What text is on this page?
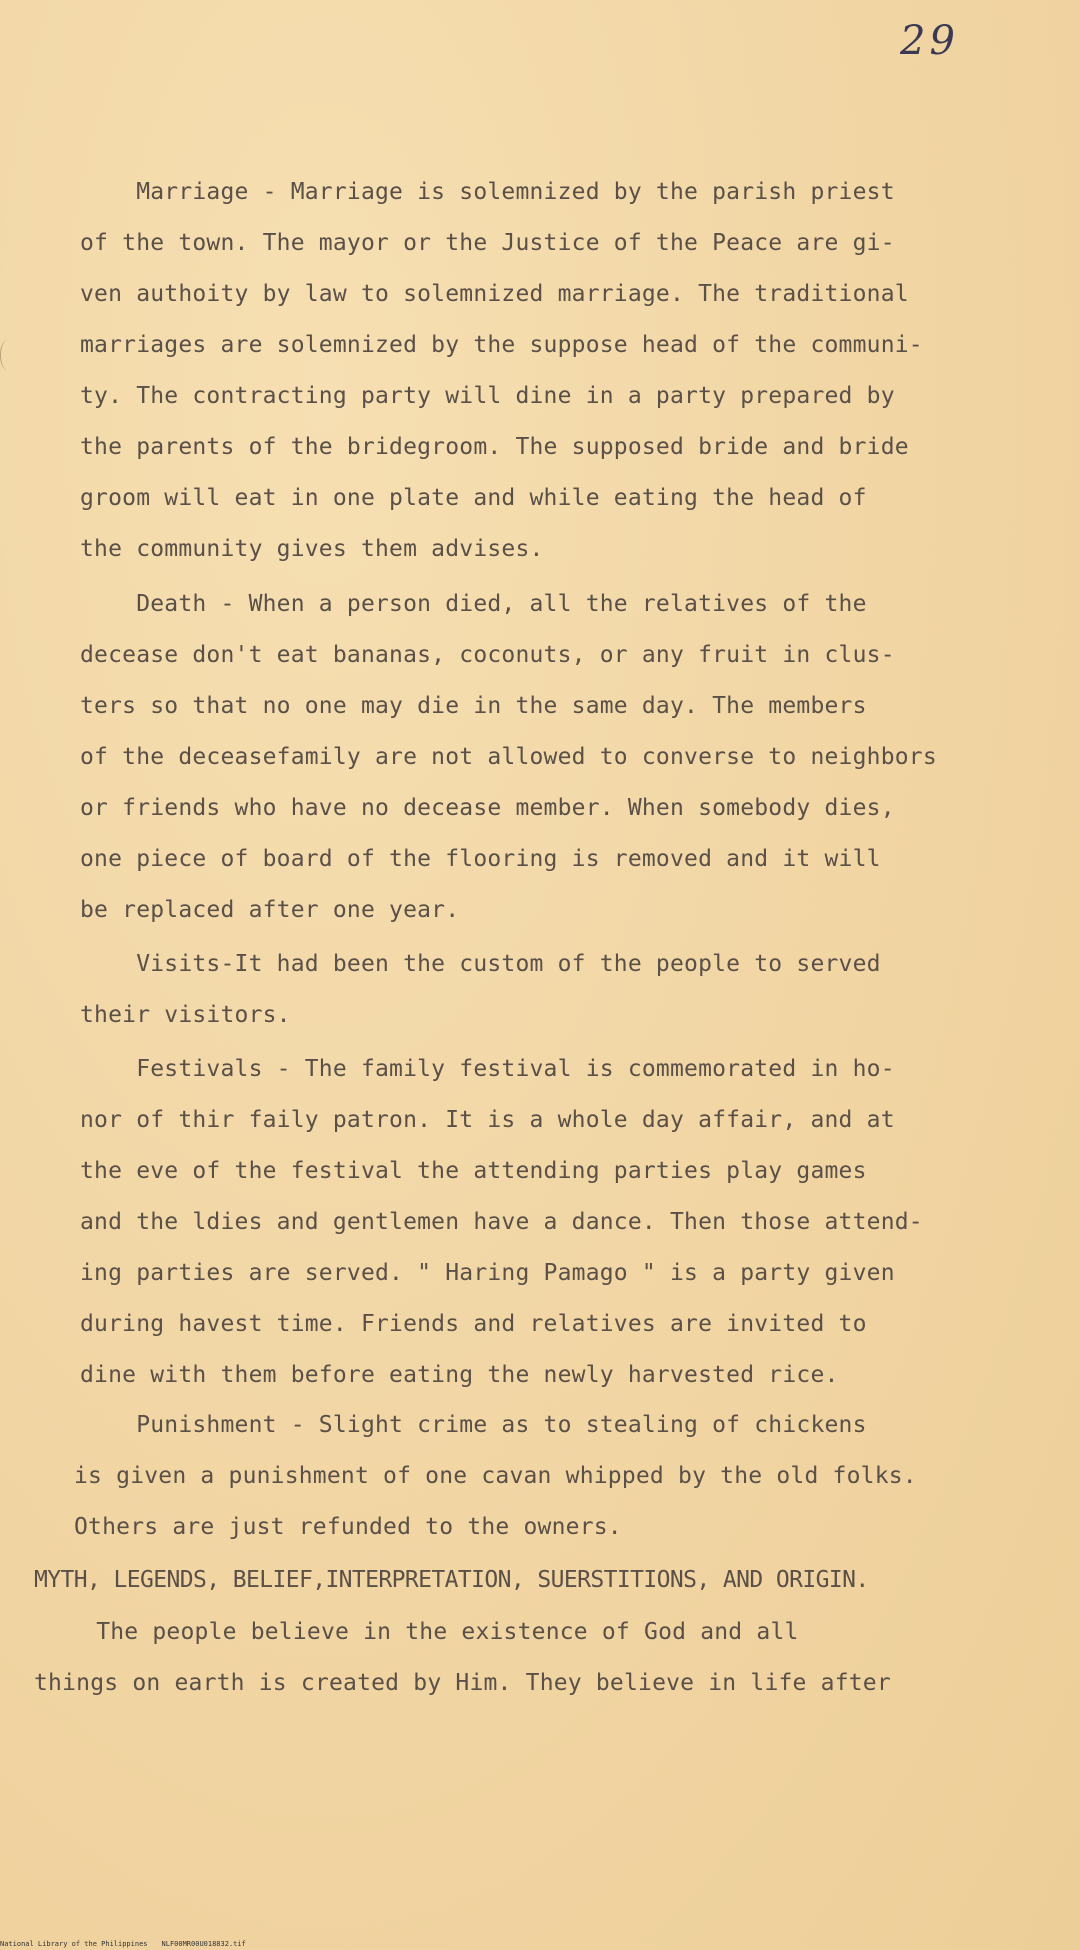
29
Marriage - Marriage is solemnized by the parish priest
of the town. The mayor or the Justice of the Peace are gi-
ven authoity by law to solemnized marriage. The traditional
marriages are solemnized by the suppose head of the communi-
ty. The contracting party will dine in a party prepared by
the parents of the bridegroom. The supposed bride and bride
groom will eat in one plate and while eating the head of
the community gives them advises.
Death - When a person died, all the relatives of the
decease don't eat bananas, coconuts, or any fruit in clus-
ters so that no one may die in the same day. The members
of the deceasefamily are not allowed to converse to neighbors
or friends who have no decease member. When somebody dies,
one piece of board of the flooring is removed and it will
be replaced after one year.
Visits-It had been the custom of the people to served
their visitors.
Festivals - The family festival is commemorated in ho-
nor of thir faily patron. It is a whole day affair, and at
the eve of the festival the attending parties play games
and the ldies and gentlemen have a dance. Then those attend-
ing parties are served. " Haring Pamago " is a party given
during havest time. Friends and relatives are invited to
dine with them before eating the newly harvested rice.
Punishment - Slight crime as to stealing of chickens
is given a punishment of one cavan whipped by the old folks.
Others are just refunded to the owners.
MYTH, LEGENDS, BELIEF,INTERPRETATION, SUERSTITIONS, AND ORIGIN.
The people believe in the existence of God and all
things on earth is created by Him. They believe in life after
National Library of the Philippines NLF00MR00U018832.tif
